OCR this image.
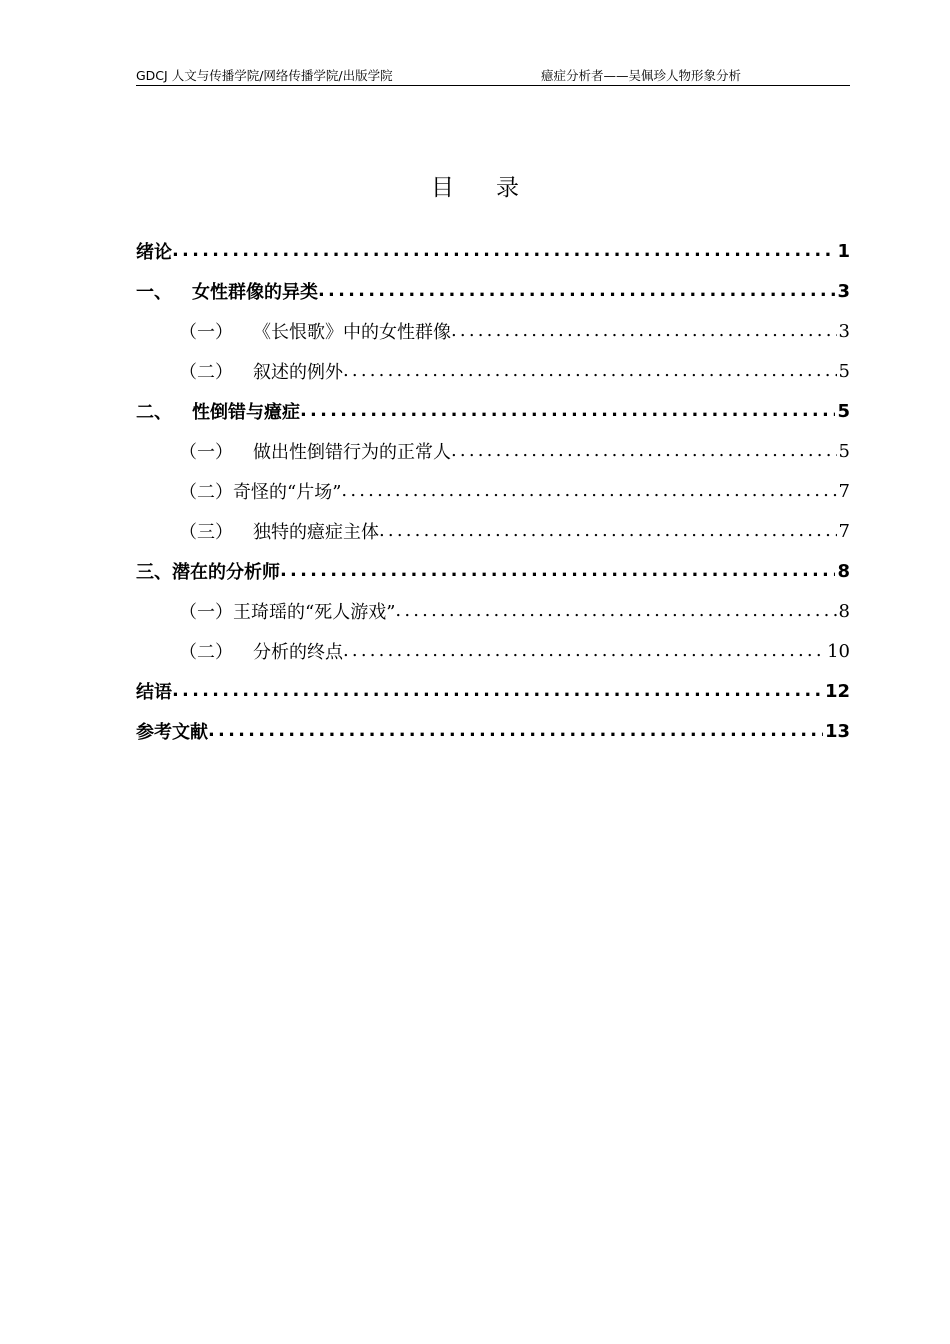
GDCJ 人文与传播学院/网络传播学院/出版学院	癔症分析者——吴佩珍人物形象分析
目录
绪论 .....	1
一、 女性群像的异类 .....	3
（一） 《长恨歌》中的女性群像 .....	3
（二） 叙述的例外 .....	5
二、 性倒错与癔症 .....	5
（一） 做出性倒错行为的正常人 .....	5
（二）奇怪的“片场” .....	7
（三） 独特的癔症主体 .....	7
三、潜在的分析师 .....	8
（一）王琦瑶的“死人游戏” .....	8
（二） 分析的终点 .....	10
结语 .....	12
参考文献 .....	13
